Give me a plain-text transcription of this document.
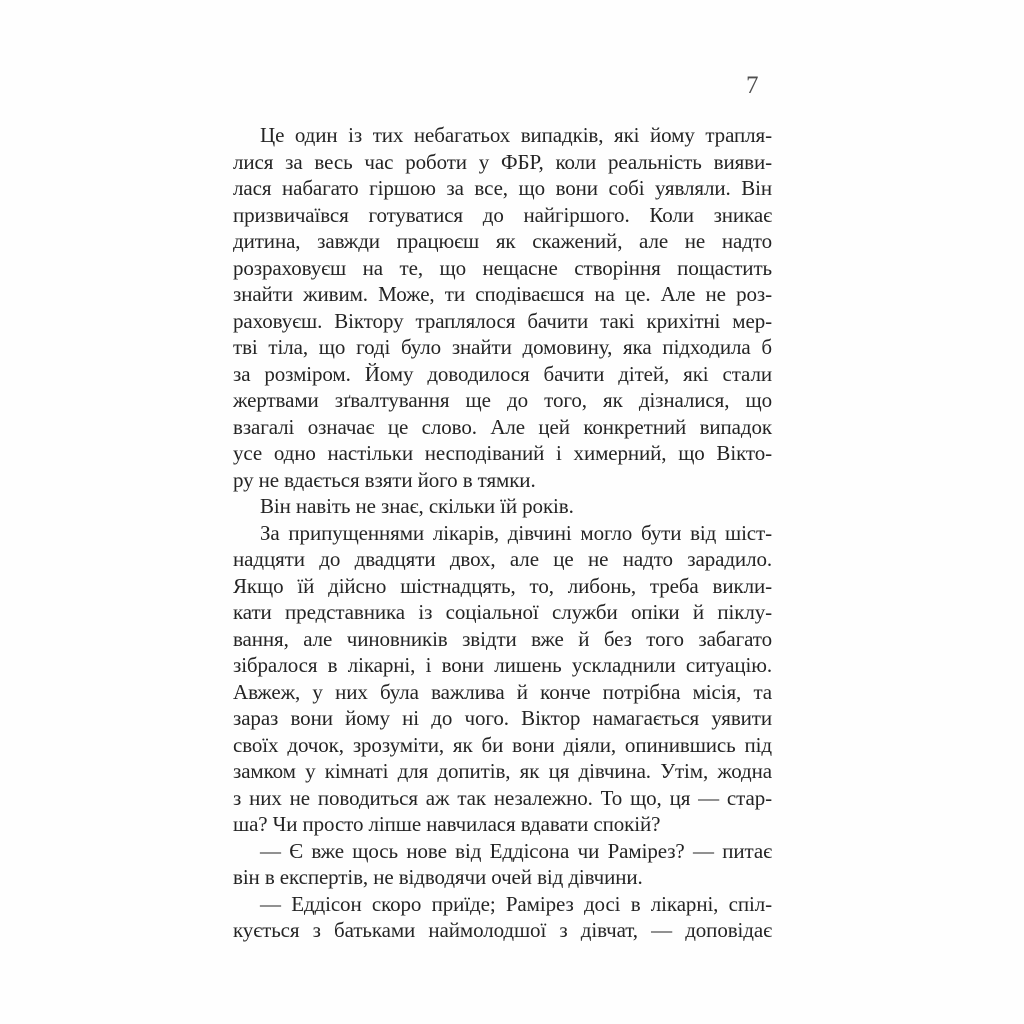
7
Це один із тих небагатьох випадків, які йому трапля-
лися за весь час роботи у ФБР, коли реальність вияви-
лася набагато гіршою за все, що вони собі уявляли. Він
призвичаївся готуватися до найгіршого. Коли зникає
дитина, завжди працюєш як скажений, але не надто
розраховуєш на те, що нещасне створіння пощастить
знайти живим. Може, ти сподіваєшся на це. Але не роз-
раховуєш. Віктору траплялося бачити такі крихітні мер-
тві тіла, що годі було знайти домовину, яка підходила б
за розміром. Йому доводилося бачити дітей, які стали
жертвами зґвалтування ще до того, як дізналися, що
взагалі означає це слово. Але цей конкретний випадок
усе одно настільки несподіваний і химерний, що Вікто-
ру не вдається взяти його в тямки.
Він навіть не знає, скільки їй років.
За припущеннями лікарів, дівчині могло бути від шіст-
надцяти до двадцяти двох, але це не надто зарадило.
Якщо їй дійсно шістнадцять, то, либонь, треба викли-
кати представника із соціальної служби опіки й піклу-
вання, але чиновників звідти вже й без того забагато
зібралося в лікарні, і вони лишень ускладнили ситуацію.
Авжеж, у них була важлива й конче потрібна місія, та
зараз вони йому ні до чого. Віктор намагається уявити
своїх дочок, зрозуміти, як би вони діяли, опинившись під
замком у кімнаті для допитів, як ця дівчина. Утім, жодна
з них не поводиться аж так незалежно. То що, ця — стар-
ша? Чи просто ліпше навчилася вдавати спокій?
— Є вже щось нове від Еддісона чи Рамірез? — питає
він в експертів, не відводячи очей від дівчини.
— Еддісон скоро приїде; Рамірез досі в лікарні, спіл-
кується з батьками наймолодшої з дівчат, — доповідає
